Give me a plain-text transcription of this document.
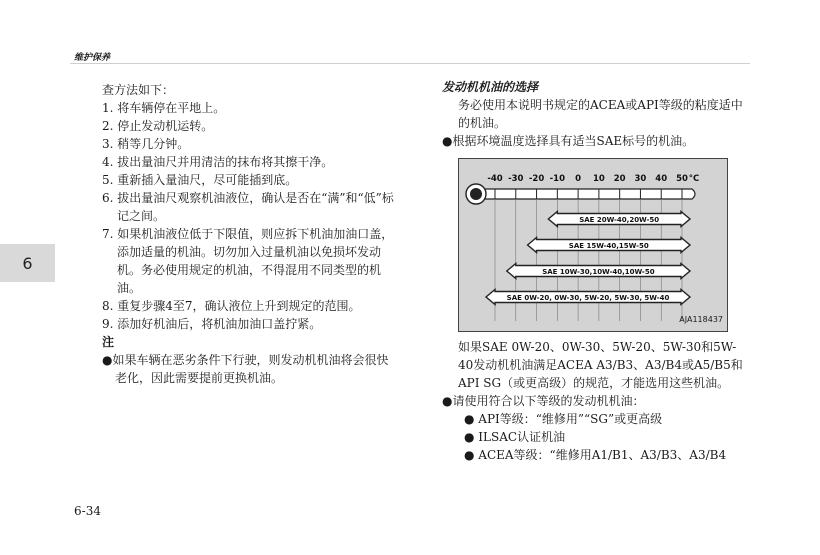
维护保养
6
6-34

查方法如下：

1. 将车辆停在平地上。

2. 停止发动机运转。

3. 稍等几分钟。

4. 拔出量油尺并用清洁的抹布将其擦干净。

5. 重新插入量油尺，尽可能插到底。

6. 拔出量油尺观察机油液位，确认是否在“满”和“低”标记之间。

7. 如果机油液位低于下限值，则应拆下机油加油口盖，添加适量的机油。切勿加入过量机油以免损坏发动机。务必使用规定的机油，不得混用不同类型的机油。

8. 重复步骤4至7，确认液位上升到规定的范围。

9. 添加好机油后，将机油加油口盖拧紧。

注

●如果车辆在恶劣条件下行驶，则发动机机油将会很快老化，因此需要提前更换机油。

发动机机油的选择

务必使用本说明书规定的ACEA或API等级的粘度适中的机油。

●根据环境温度选择具有适当SAE标号的机油。

-40 -30 -20 -10 0 10 20 30 40 50 °C
SAE 20W-40,20W-50
SAE 15W-40,15W-50
SAE 10W-30,10W-40,10W-50
SAE 0W-20, 0W-30, 5W-20, 5W-30, 5W-40
AJA118437

如果SAE 0W-20、0W-30、5W-20、5W-30和5W-40发动机机油满足ACEA A3/B3、A3/B4或A5/B5和API SG（或更高级）的规范，才能选用这些机油。

●请使用符合以下等级的发动机机油：

● API等级：“维修用”“SG”或更高级

● ILSAC认证机油

● ACEA等级：“维修用A1/B1、A3/B3、A3/B4
